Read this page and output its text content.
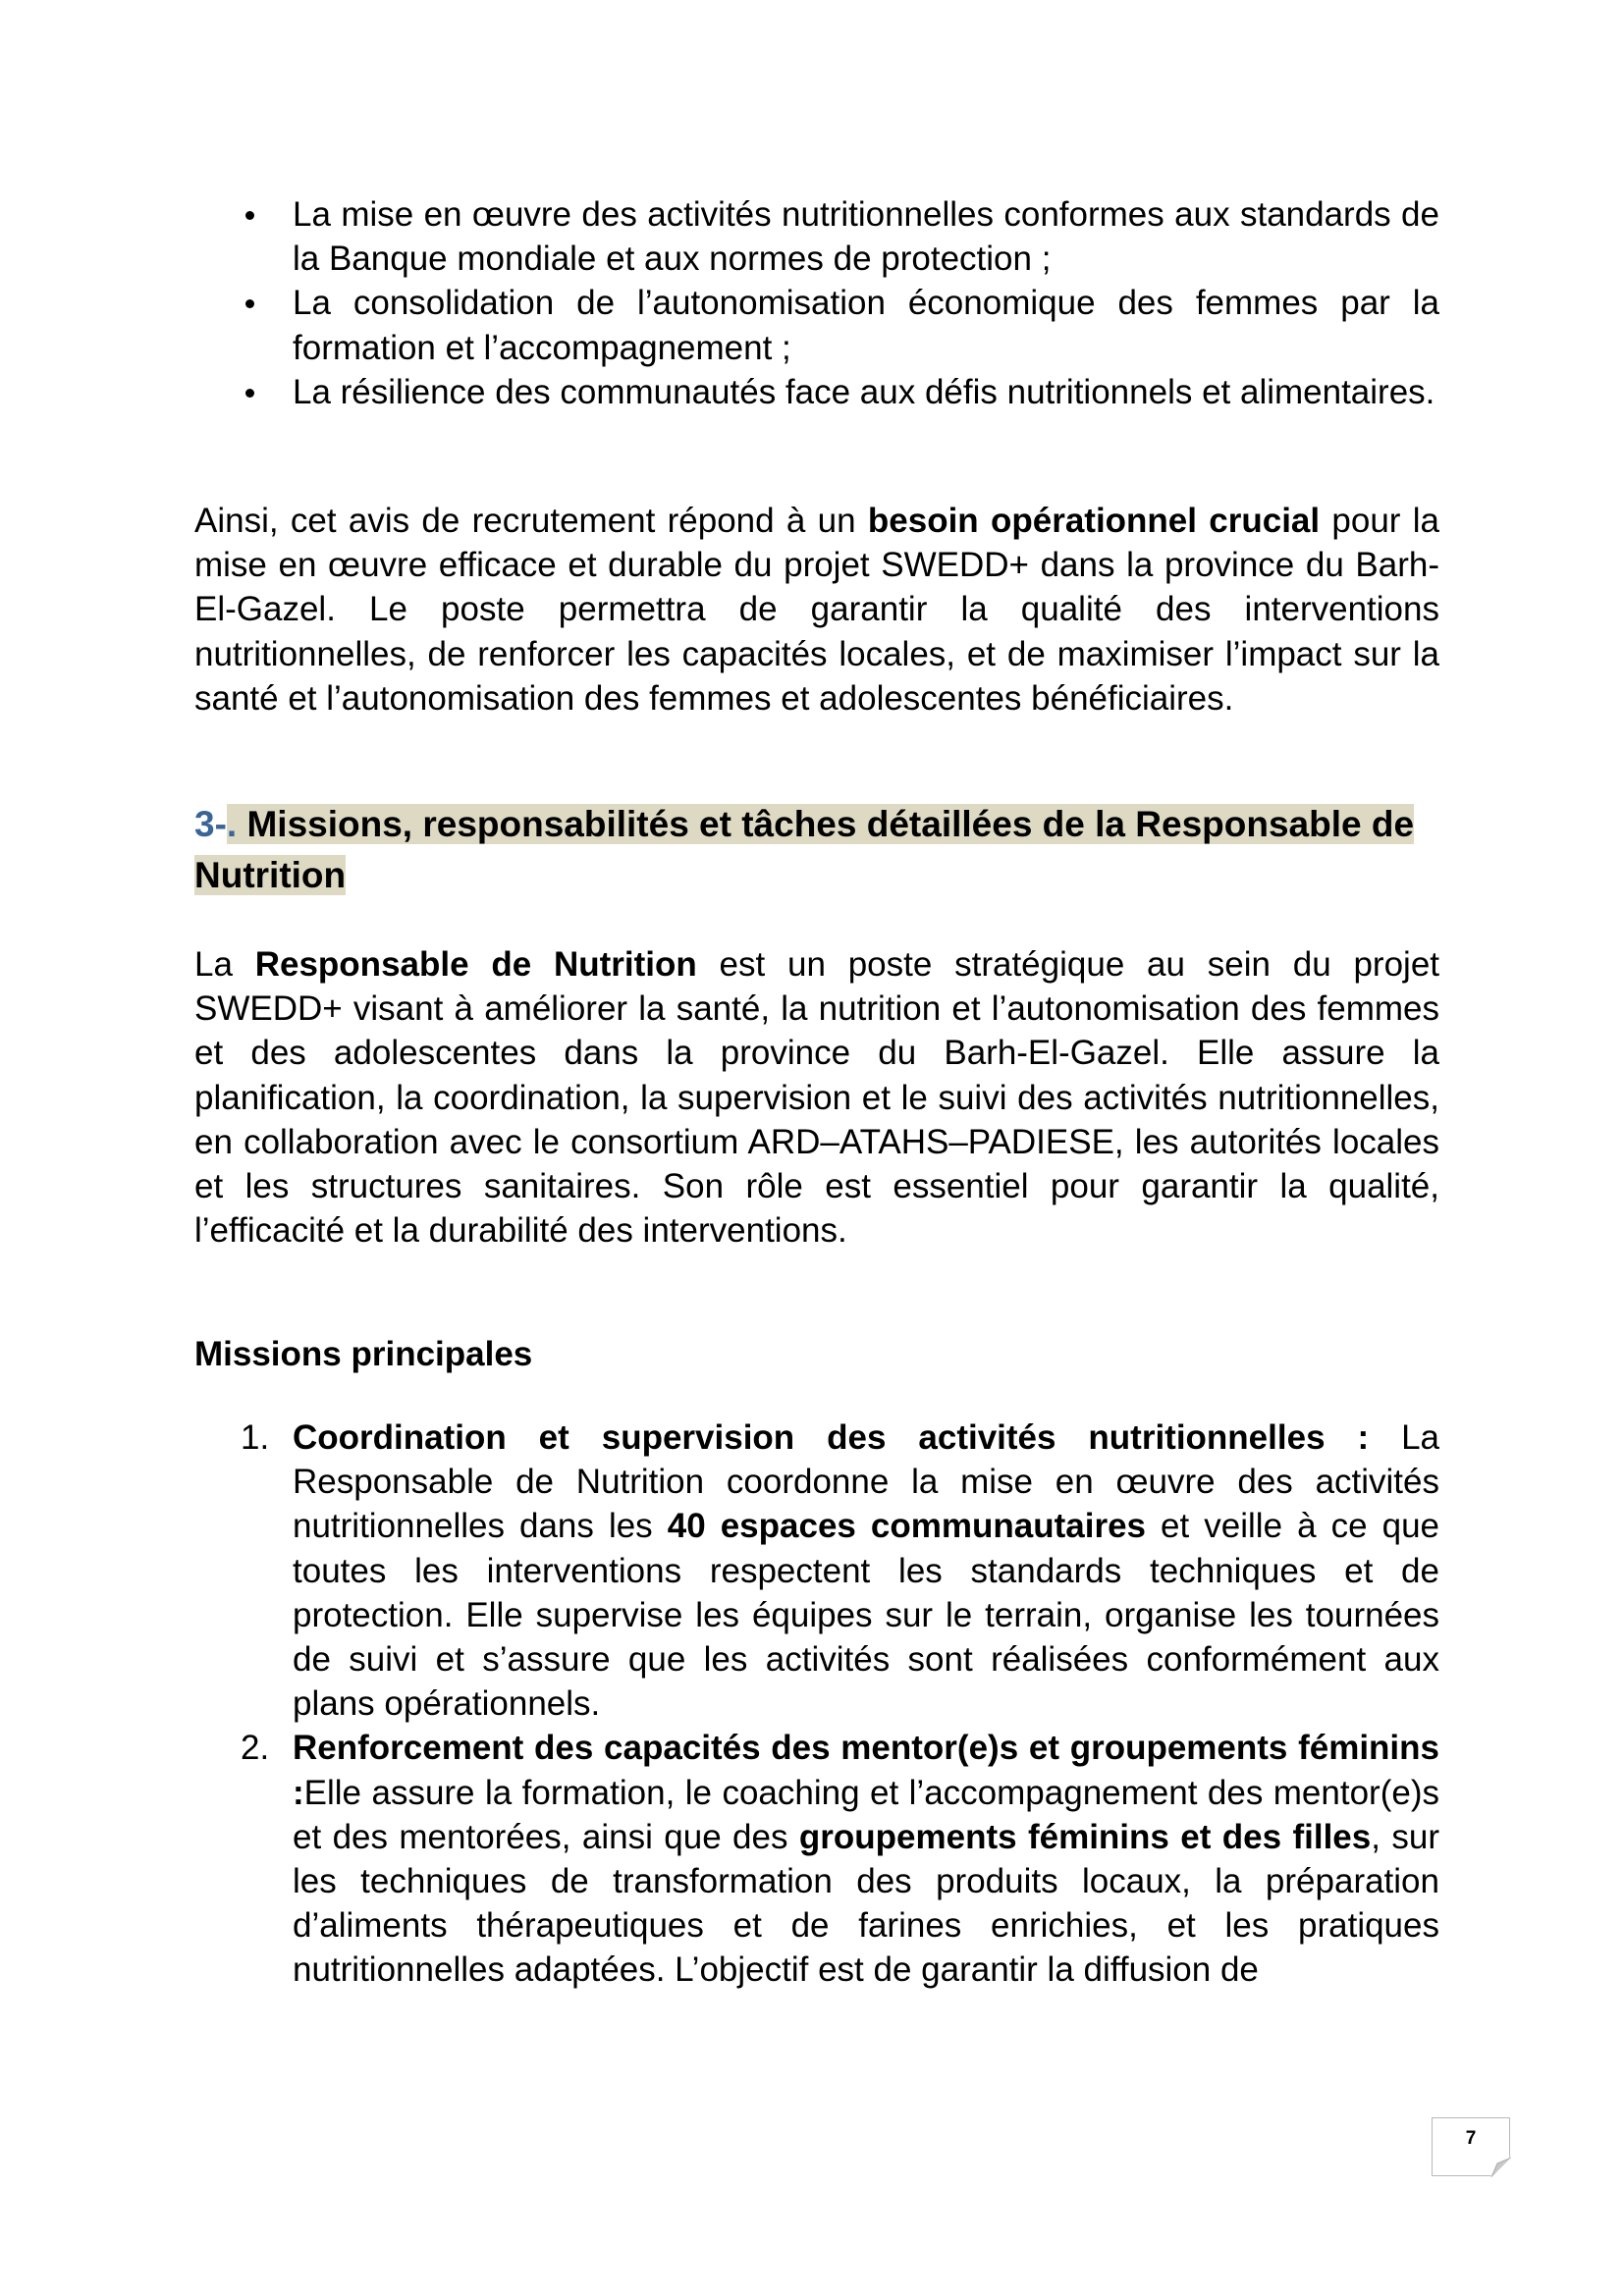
La mise en œuvre des activités nutritionnelles conformes aux standards de la Banque mondiale et aux normes de protection ;
La consolidation de l’autonomisation économique des femmes par la formation et l’accompagnement ;
La résilience des communautés face aux défis nutritionnels et alimentaires.

Ainsi, cet avis de recrutement répond à un besoin opérationnel crucial pour la mise en œuvre efficace et durable du projet SWEDD+ dans la province du Barh-El-Gazel. Le poste permettra de garantir la qualité des interventions nutritionnelles, de renforcer les capacités locales, et de maximiser l’impact sur la santé et l’autonomisation des femmes et adolescentes bénéficiaires.

3-. Missions, responsabilités et tâches détaillées de la Responsable de Nutrition

La Responsable de Nutrition est un poste stratégique au sein du projet SWEDD+ visant à améliorer la santé, la nutrition et l’autonomisation des femmes et des adolescentes dans la province du Barh-El-Gazel. Elle assure la planification, la coordination, la supervision et le suivi des activités nutritionnelles, en collaboration avec le consortium ARD–ATAHS–PADIESE, les autorités locales et les structures sanitaires. Son rôle est essentiel pour garantir la qualité, l’efficacité et la durabilité des interventions.

Missions principales
1. Coordination et supervision des activités nutritionnelles : La Responsable de Nutrition coordonne la mise en œuvre des activités nutritionnelles dans les 40 espaces communautaires et veille à ce que toutes les interventions respectent les standards techniques et de protection. Elle supervise les équipes sur le terrain, organise les tournées de suivi et s’assure que les activités sont réalisées conformément aux plans opérationnels.
2. Renforcement des capacités des mentor(e)s et groupements féminins :Elle assure la formation, le coaching et l’accompagnement des mentor(e)s et des mentorées, ainsi que des groupements féminins et des filles, sur les techniques de transformation des produits locaux, la préparation d’aliments thérapeutiques et de farines enrichies, et les pratiques nutritionnelles adaptées. L’objectif est de garantir la diffusion de
7
